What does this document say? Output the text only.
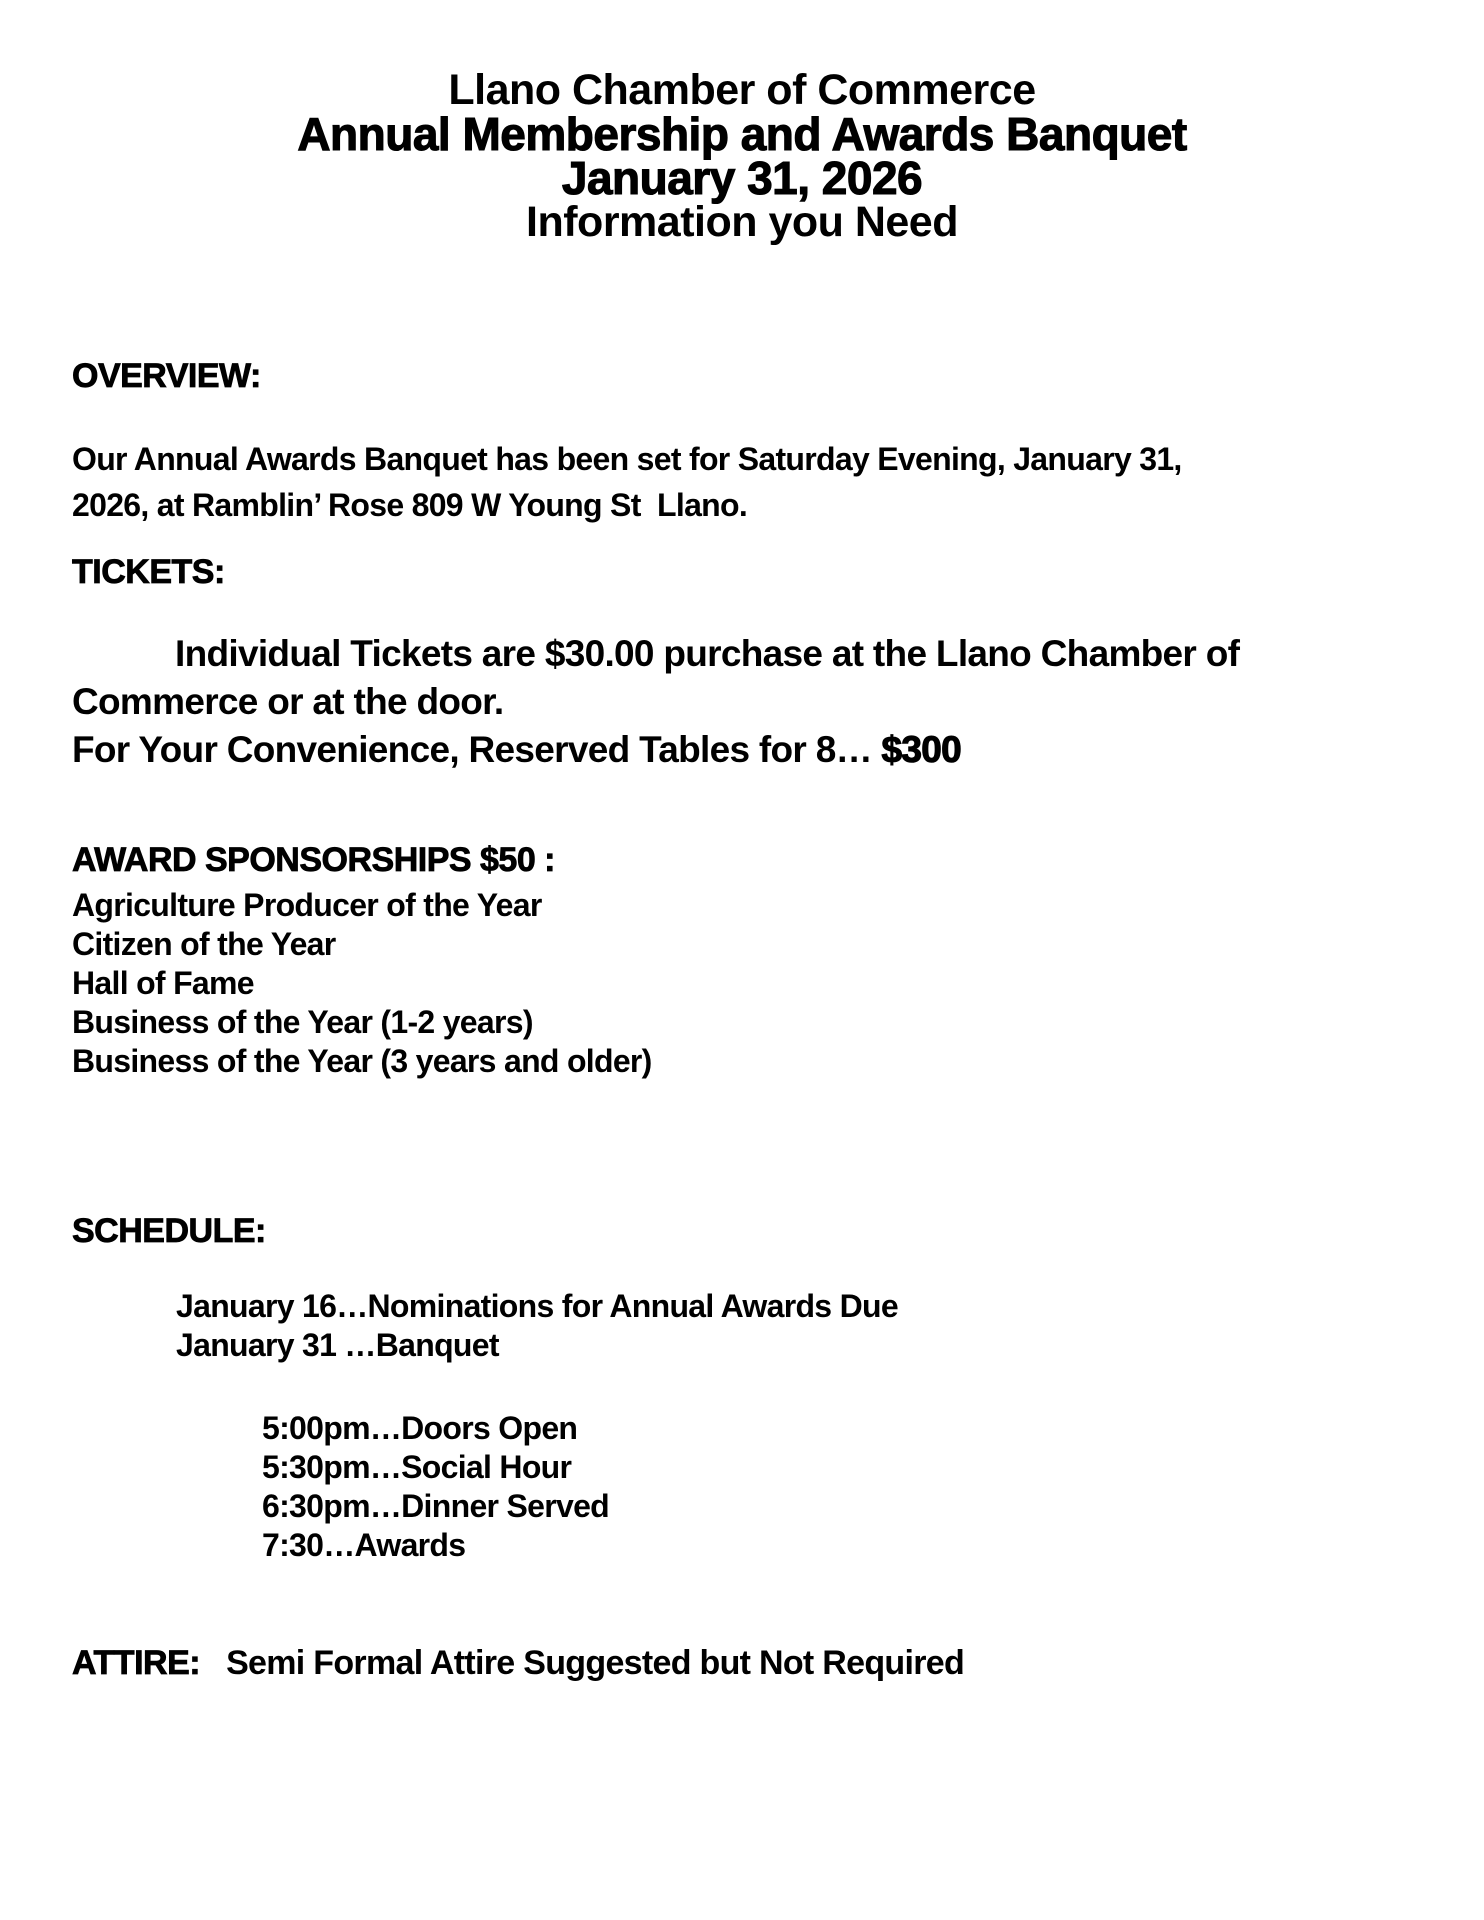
Llano Chamber of Commerce
Annual Membership and Awards Banquet
January 31, 2026
Information you Need
OVERVIEW:
Our Annual Awards Banquet has been set for Saturday Evening, January 31,
2026, at Ramblin’ Rose 809 W Young St  Llano.
TICKETS:
Individual Tickets are $30.00 purchase at the Llano Chamber of
Commerce or at the door.
For Your Convenience, Reserved Tables for 8… $300
AWARD SPONSORSHIPS $50 :
Agriculture Producer of the Year
Citizen of the Year
Hall of Fame
Business of the Year (1-2 years)
Business of the Year (3 years and older)
SCHEDULE:
January 16…Nominations for Annual Awards Due
January 31 …Banquet
5:00pm…Doors Open
5:30pm…Social Hour
6:30pm…Dinner Served
7:30…Awards
ATTIRE: Semi Formal Attire Suggested but Not Required
